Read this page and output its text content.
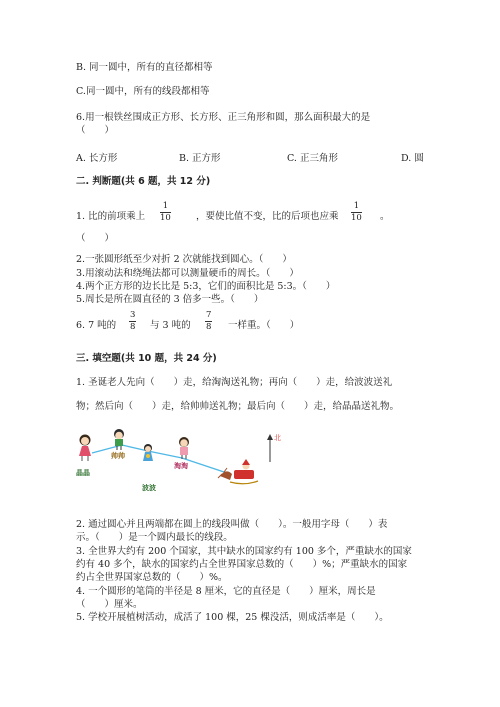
B. 同一圆中，所有的直径都相等
C.同一圆中，所有的线段都相等
6.用一根铁丝围成正方形、长方形、正三角形和圆，那么面积最大的是
（　　）
A. 长方形	B. 正方形	C. 正三角形	D. 圆
二. 判断题(共 6 题，共 12 分)
1. 比的前项乘上 $\frac{1}{10}$	，要使比值不变，比的后项也应乘 $\frac{1}{10}$ 。
（　　）
2.一张圆形纸至少对折 2 次就能找到圆心。（　　）
3.用滚动法和绕绳法都可以测量硬币的周长。（　　）
4.两个正方形的边长比是 5:3，它们的面积比是 5:3。（　　）
5.周长是所在圆直径的 3 倍多一些。（　　）
6. 7 吨的 $\frac{3}{8}$ 与 3 吨的 $\frac{7}{8}$ 一样重。（　　）
三. 填空题(共 10 题，共 24 分)
1. 圣诞老人先向（　　）走，给淘淘送礼物；再向（　　）走，给波波送礼
物；然后向（　　）走，给帅帅送礼物；最后向（　　）走，给晶晶送礼物。
北
晶晶
帅帅
波波
淘淘
2. 通过圆心并且两端都在圆上的线段叫做（　　）。一般用字母（　　）表
示。（　　）是一个圆内最长的线段。
3. 全世界大约有 200 个国家，其中缺水的国家约有 100 多个，严重缺水的国家
约有 40 多个，缺水的国家约占全世界国家总数的（　　）%；严重缺水的国家
约占全世界国家总数的（　　）%。
4. 一个圆形的笔筒的半径是 8 厘米，它的直径是（　　）厘米，周长是
（　　）厘米。
5. 学校开展植树活动，成活了 100 棵，25 棵没活，则成活率是（　　）。
